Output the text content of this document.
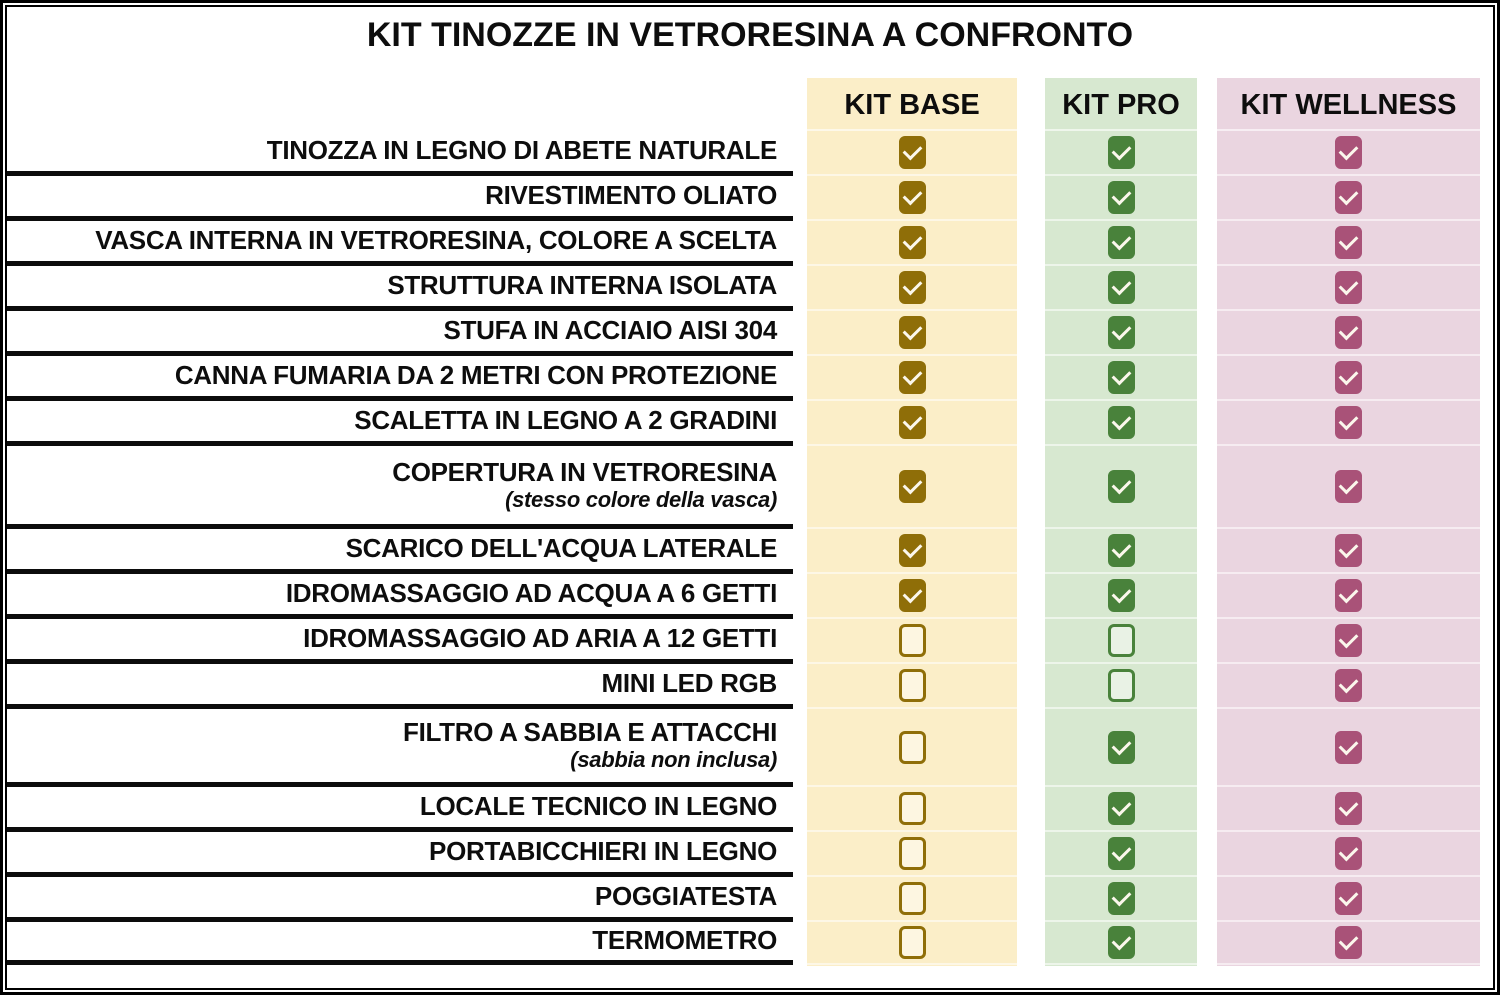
KIT TINOZZE IN VETRORESINA A CONFRONTO
KIT BASE	KIT PRO	KIT WELLNESS
TINOZZA IN LEGNO DI ABETE NATURALE
RIVESTIMENTO OLIATO
VASCA INTERNA IN VETRORESINA, COLORE A SCELTA
STRUTTURA INTERNA ISOLATA
STUFA IN ACCIAIO AISI 304
CANNA FUMARIA DA 2 METRI CON PROTEZIONE
SCALETTA IN LEGNO A 2 GRADINI
COPERTURA IN VETRORESINA
(stesso colore della vasca)
SCARICO DELL'ACQUA LATERALE
IDROMASSAGGIO AD ACQUA A 6 GETTI
IDROMASSAGGIO AD ARIA A 12 GETTI
MINI LED RGB
FILTRO A SABBIA E ATTACCHI
(sabbia non inclusa)
LOCALE TECNICO IN LEGNO
PORTABICCHIERI IN LEGNO
POGGIATESTA
TERMOMETRO
